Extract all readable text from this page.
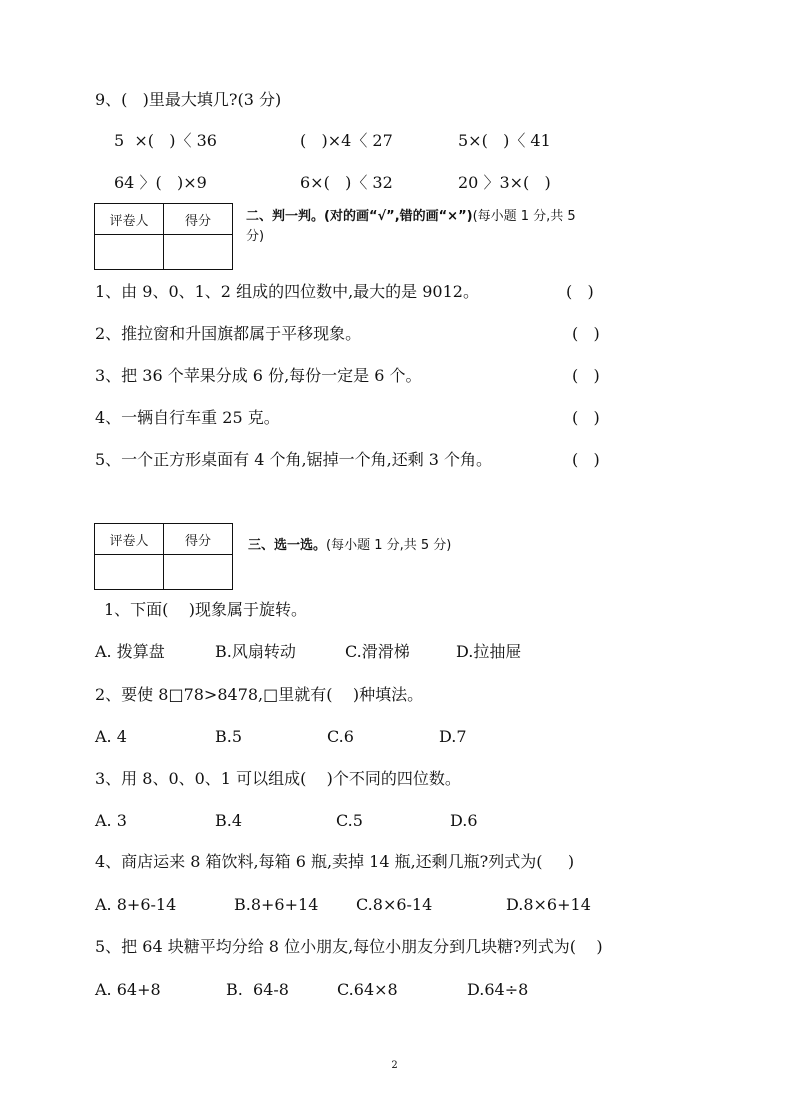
9、(   )里最大填几?(3 分)
5  ×(   )〈 36	(   )×4〈 27	5×(   )〈 41
64 〉(   )×9	6×(   )〈 32	20 〉3×(   )
评卷人	得分
		二、判一判。(对的画“√”,错的画“×”)(每小题 1 分,共 5
分)
1、由 9、0、1、2 组成的四位数中,最大的是 9012。	(   )
2、推拉窗和升国旗都属于平移现象。	(   )
3、把 36 个苹果分成 6 份,每份一定是 6 个。	(   )
4、一辆自行车重 25 克。	(   )
5、一个正方形桌面有 4 个角,锯掉一个角,还剩 3 个角。	(   )
评卷人	得分
		三、选一选。(每小题 1 分,共 5 分)
1、下面(    )现象属于旋转。
A. 拨算盘	B.风扇转动	C.滑滑梯	D.拉抽屉
2、要使 8□78>8478,□里就有(    )种填法。
A. 4	B.5	C.6	D.7
3、用 8、0、0、1 可以组成(    )个不同的四位数。
A. 3	B.4	C.5	D.6
4、商店运来 8 箱饮料,每箱 6 瓶,卖掉 14 瓶,还剩几瓶?列式为(     )
A. 8+6-14	B.8+6+14 C.8×6-14	D.8×6+14
5、把 64 块糖平均分给 8 位小朋友,每位小朋友分到几块糖?列式为(    )
A. 64+8	B.  64-8	C.64×8	D.64÷8
2
